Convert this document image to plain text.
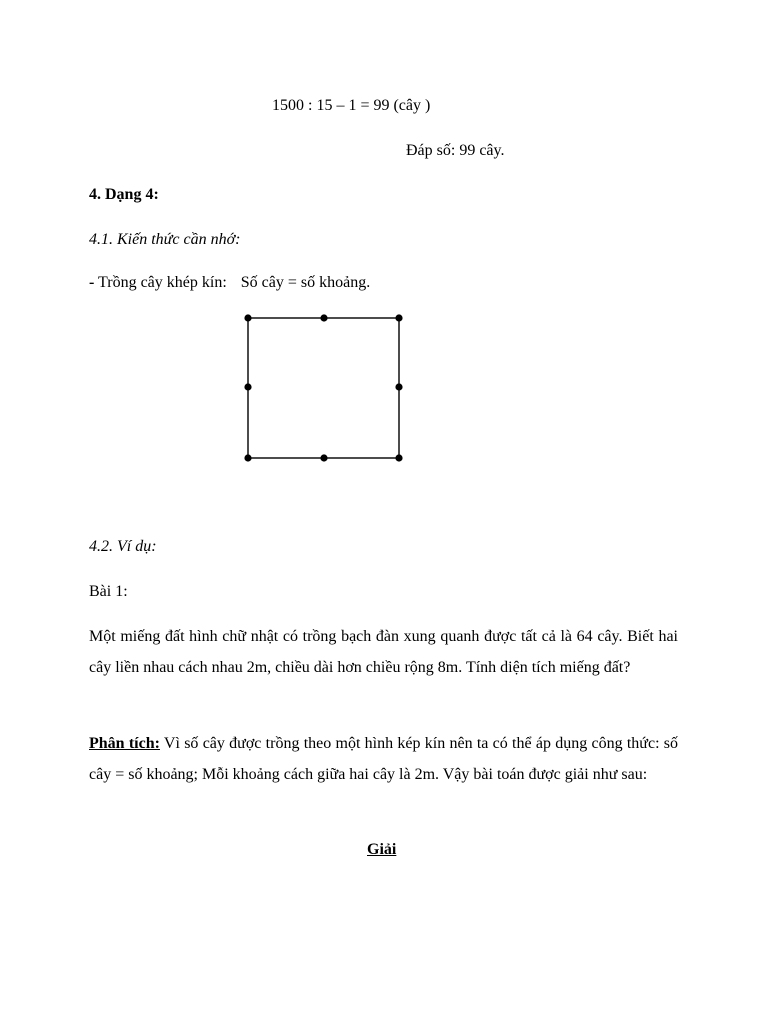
1500 : 15 – 1 = 99 (cây )
Đáp số: 99 cây.
4. Dạng 4:
4.1. Kiến thức cần nhớ:
- Trồng cây khép kín: Số cây = số khoảng.
4.2. Ví dụ:
Bài 1:
Một miếng đất hình chữ nhật có trồng bạch đàn xung quanh được tất cả là 64 cây. Biết hai cây liền nhau cách nhau 2m, chiều dài hơn chiều rộng 8m. Tính diện tích miếng đất?
Phân tích: Vì số cây được trồng theo một hình kép kín nên ta có thể áp dụng công thức: số cây = số khoảng; Mỗi khoảng cách giữa hai cây là 2m. Vậy bài toán được giải như sau:
Giải
